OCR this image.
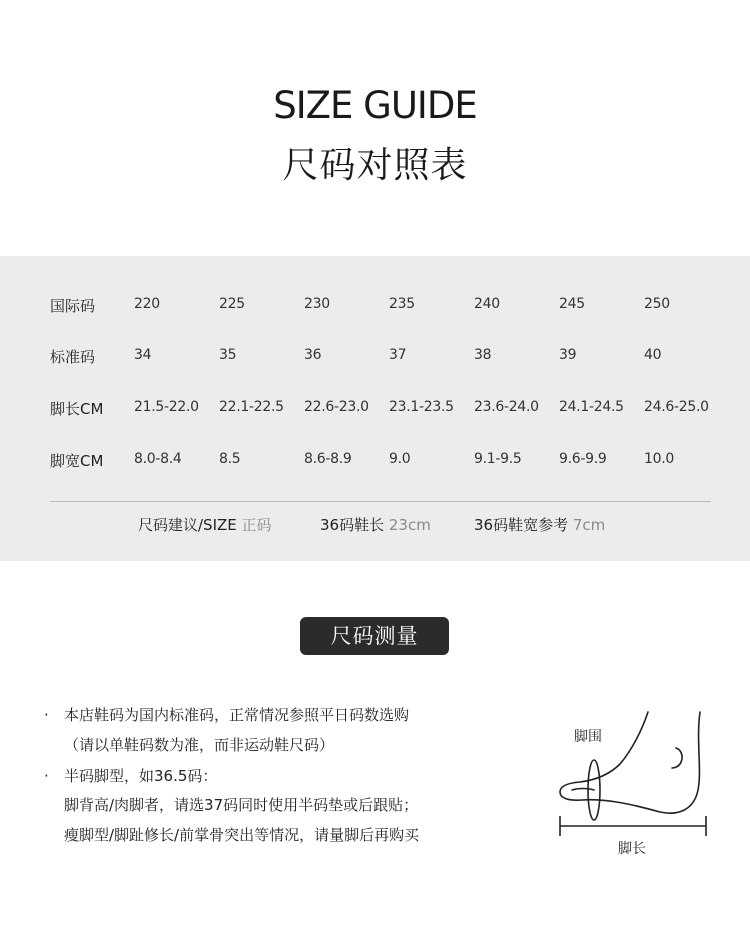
SIZE GUIDE
尺码对照表
国际码	220	225	230	235	240	245	250
标准码	34	35	36	37	38	39	40
脚长CM 21.5-22.0 22.1-22.5 22.6-23.0 23.1-23.5 23.6-24.0 24.1-24.5 24.6-25.0
脚宽CM 8.0-8.4	8.5	8.6-8.9	9.0	9.1-9.5	9.6-9.9	10.0
尺码建议/SIZE 正码	36码鞋长 23cm	36码鞋宽参考 7cm
尺码测量
· 本店鞋码为国内标准码，正常情况参照平日码数选购
（请以单鞋码数为准，而非运动鞋尺码）
· 半码脚型，如36.5码：
脚背高/肉脚者，请选37码同时使用半码垫或后跟贴；
瘦脚型/脚趾修长/前掌骨突出等情况，请量脚后再购买
脚围
脚长
